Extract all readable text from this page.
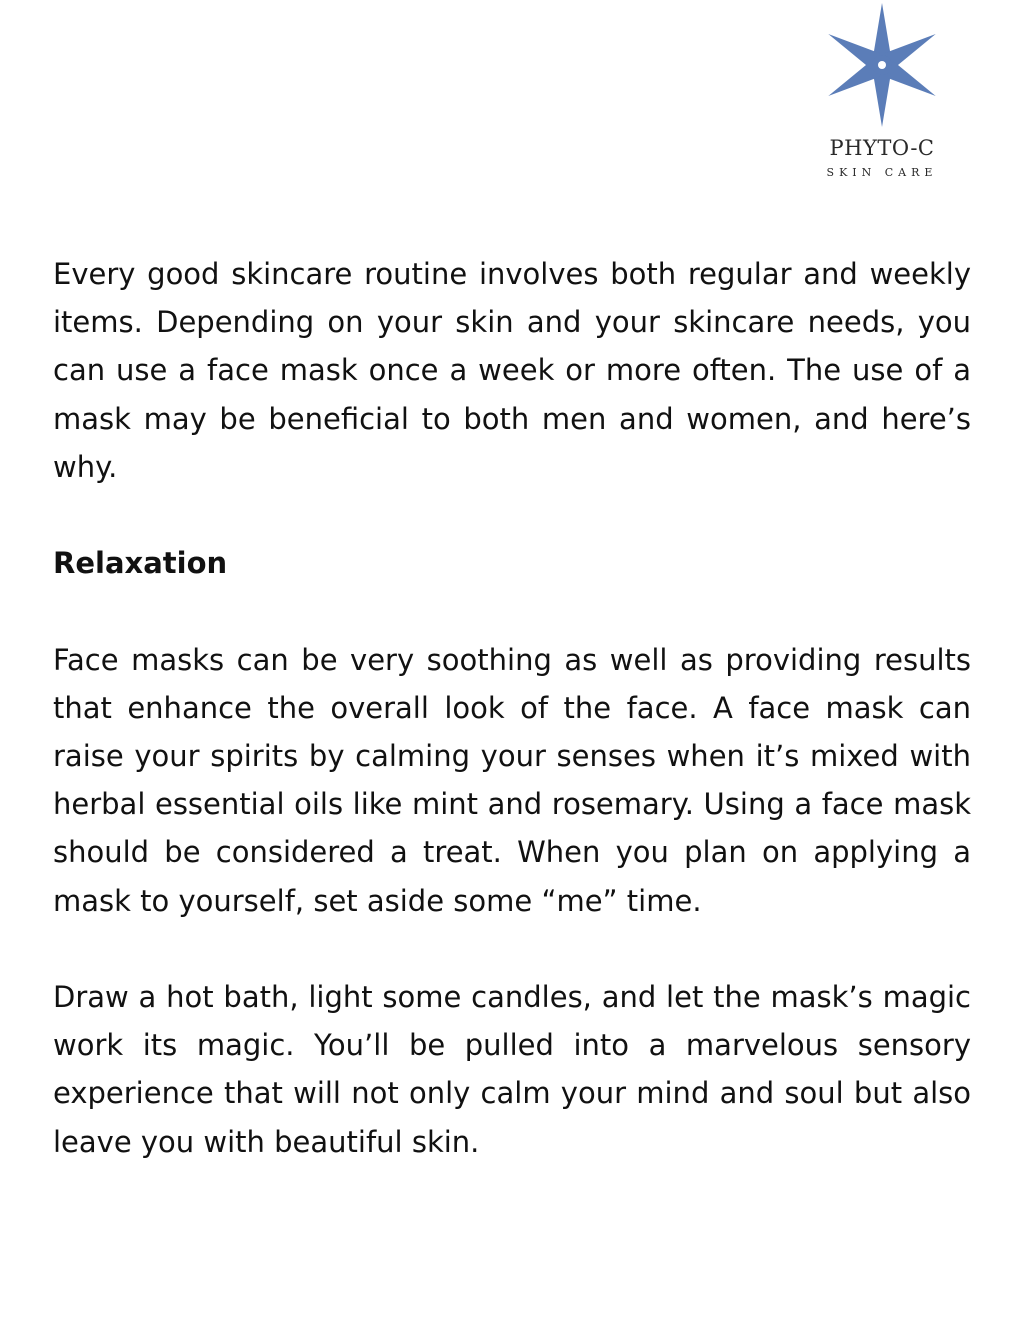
PHYTO-C
SKIN CARE

Every good skincare routine involves both regular and weekly items. Depending on your skin and your skincare needs, you can use a face mask once a week or more often. The use of a mask may be beneficial to both men and women, and here’s why.

Relaxation

Face masks can be very soothing as well as providing results that enhance the overall look of the face. A face mask can raise your spirits by calming your senses when it’s mixed with herbal essential oils like mint and rosemary. Using a face mask should be considered a treat. When you plan on applying a mask to yourself, set aside some “me” time.

Draw a hot bath, light some candles, and let the mask’s magic work its magic. You’ll be pulled into a marvelous sensory experience that will not only calm your mind and soul but also leave you with beautiful skin.
